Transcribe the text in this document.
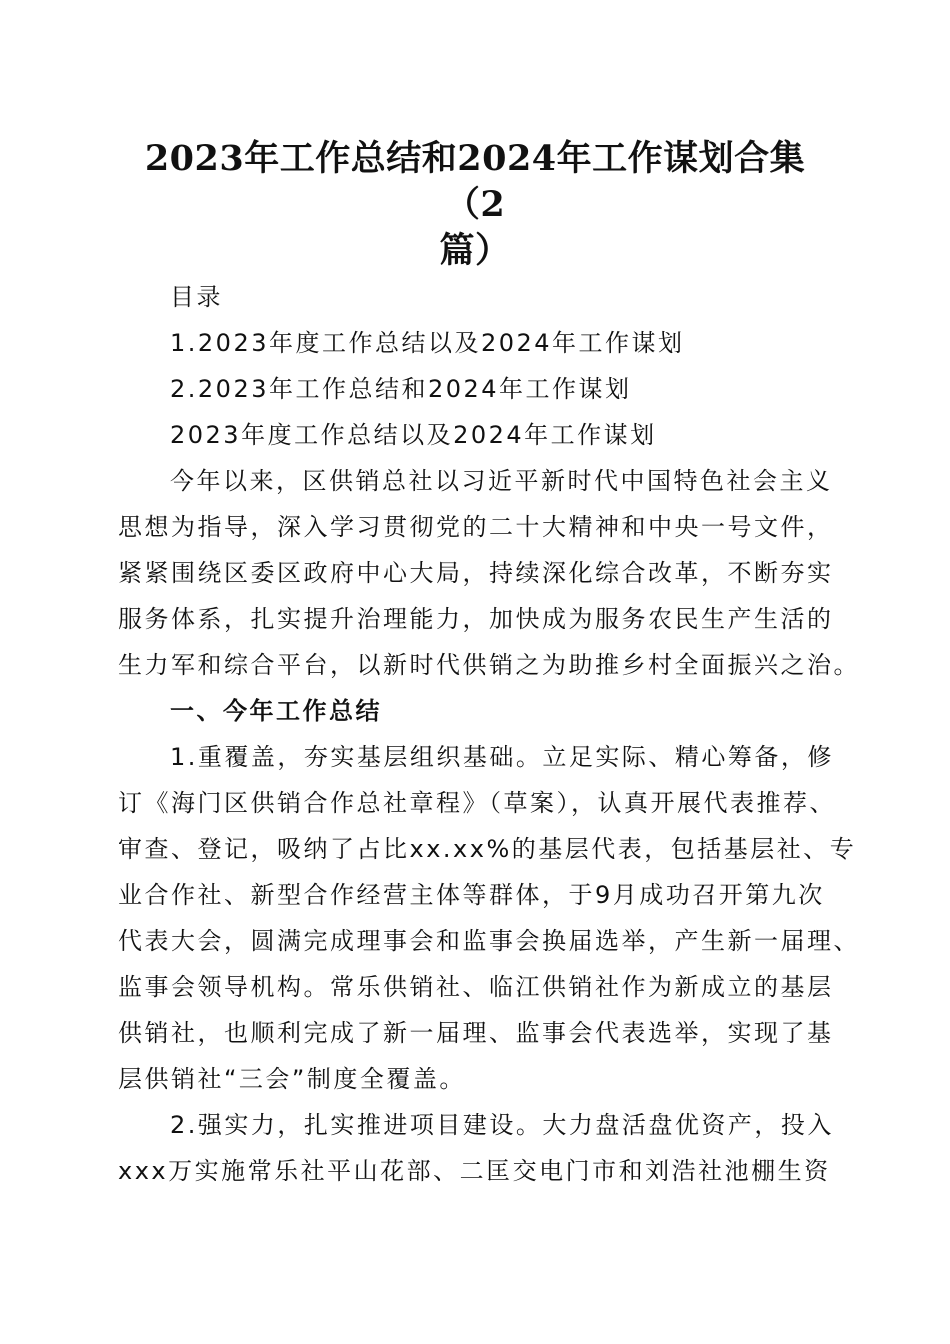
2023年工作总结和2024年工作谋划合集（2
篇）
目录
1.2023年度工作总结以及2024年工作谋划
2.2023年工作总结和2024年工作谋划
2023年度工作总结以及2024年工作谋划
今年以来，区供销总社以习近平新时代中国特色社会主义
思想为指导，深入学习贯彻党的二十大精神和中央一号文件，
紧紧围绕区委区政府中心大局，持续深化综合改革，不断夯实
服务体系，扎实提升治理能力，加快成为服务农民生产生活的
生力军和综合平台，以新时代供销之为助推乡村全面振兴之治。
一、今年工作总结
1.重覆盖，夯实基层组织基础。立足实际、精心筹备，修
订《海门区供销合作总社章程》（草案），认真开展代表推荐、
审查、登记，吸纳了占比xx.xx%的基层代表，包括基层社、专
业合作社、新型合作经营主体等群体，于9月成功召开第九次
代表大会，圆满完成理事会和监事会换届选举，产生新一届理、
监事会领导机构。常乐供销社、临江供销社作为新成立的基层
供销社，也顺利完成了新一届理、监事会代表选举，实现了基
层供销社“三会”制度全覆盖。
2.强实力，扎实推进项目建设。大力盘活盘优资产，投入
xxx万实施常乐社平山花部、二匡交电门市和刘浩社池棚生资
